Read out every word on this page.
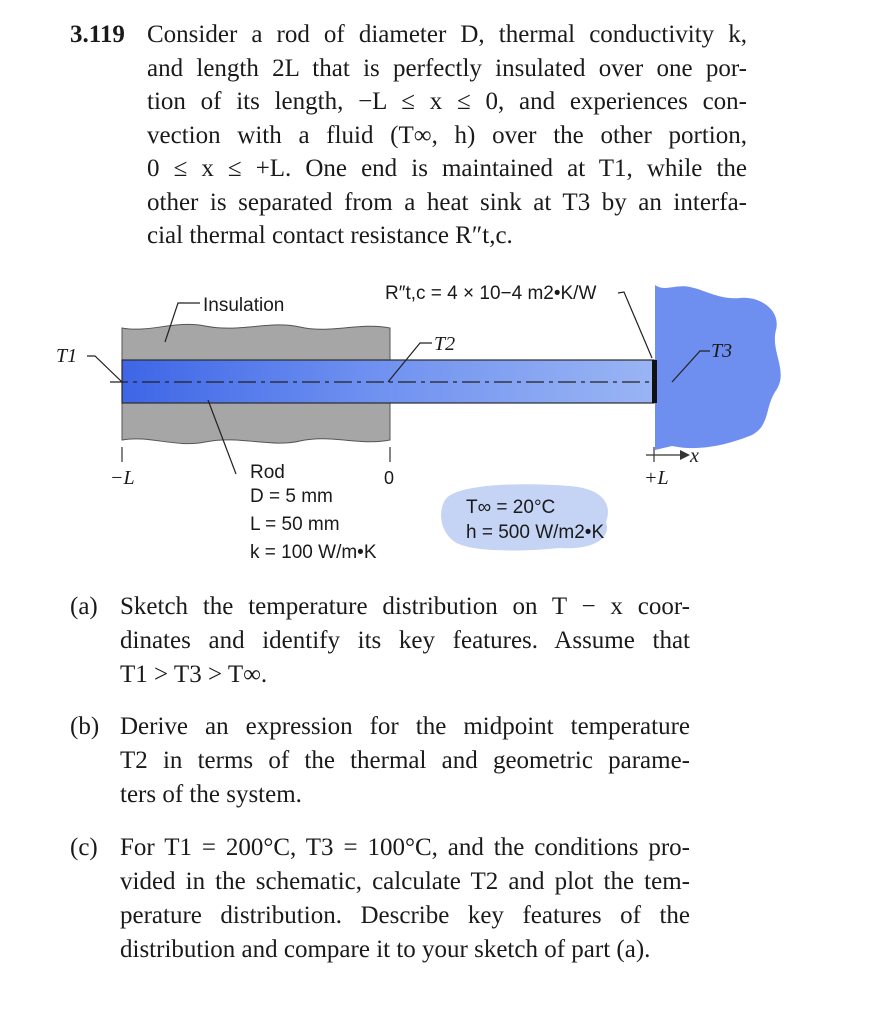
3.119 Consider a rod of diameter D, thermal conductivity k,
and length 2L that is perfectly insulated over one por-
tion of its length, −L ≤ x ≤ 0, and experiences con-
vection with a fluid (T∞, h) over the other portion,
0 ≤ x ≤ +L. One end is maintained at T1, while the
other is separated from a heat sink at T3 by an interfa-
cial thermal contact resistance R″t,c.
Insulation
R″t,c = 4 × 10−4 m2•K/W
Rod
D = 5 mm
L = 50 mm
k = 100 W/m•K
T∞ = 20°C
h = 500 W/m2•K
0
T1
T2	T3
x
−L	+L
(a) Sketch the temperature distribution on T − x coor-
dinates and identify its key features. Assume that
T1 > T3 > T∞.
(b) Derive an expression for the midpoint temperature
T2 in terms of the thermal and geometric parame-
ters of the system.
(c) For T1 = 200°C, T3 = 100°C, and the conditions pro-
vided in the schematic, calculate T2 and plot the tem-
perature distribution. Describe key features of the
distribution and compare it to your sketch of part (a).
